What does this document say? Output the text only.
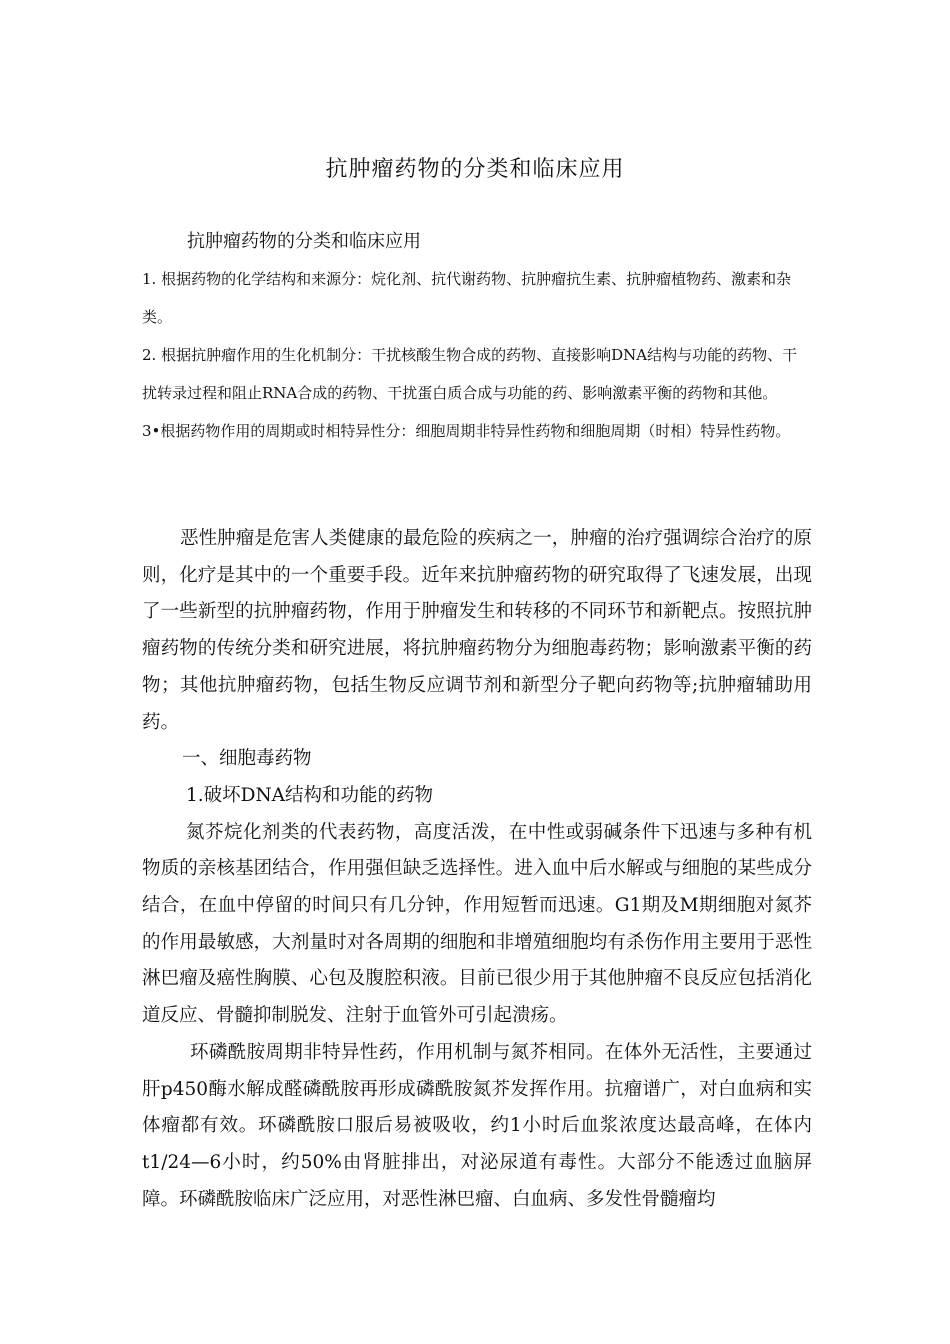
抗肿瘤药物的分类和临床应用
抗肿瘤药物的分类和临床应用

1. 根据药物的化学结构和来源分：烷化剂、抗代谢药物、抗肿瘤抗生素、抗肿瘤植物药、激素和杂类。

2. 根据抗肿瘤作用的生化机制分：干扰核酸生物合成的药物、直接影响DNA结构与功能的药物、干扰转录过程和阻止RNA合成的药物、干扰蛋白质合成与功能的药、影响激素平衡的药物和其他。

3•根据药物作用的周期或时相特异性分：细胞周期非特异性药物和细胞周期（时相）特异性药物。

恶性肿瘤是危害人类健康的最危险的疾病之一，肿瘤的治疗强调综合治疗的原则，化疗是其中的一个重要手段。近年来抗肿瘤药物的研究取得了飞速发展，出现了一些新型的抗肿瘤药物，作用于肿瘤发生和转移的不同环节和新靶点。按照抗肿瘤药物的传统分类和研究进展，将抗肿瘤药物分为细胞毒药物；影响激素平衡的药物；其他抗肿瘤药物，包括生物反应调节剂和新型分子靶向药物等;抗肿瘤辅助用药。

一、细胞毒药物

1.破坏DNA结构和功能的药物

氮芥烷化剂类的代表药物，高度活泼，在中性或弱碱条件下迅速与多种有机物质的亲核基团结合，作用强但缺乏选择性。进入血中后水解或与细胞的某些成分结合，在血中停留的时间只有几分钟，作用短暂而迅速。G1期及M期细胞对氮芥的作用最敏感，大剂量时对各周期的细胞和非增殖细胞均有杀伤作用主要用于恶性淋巴瘤及癌性胸膜、心包及腹腔积液。目前已很少用于其他肿瘤不良反应包括消化道反应、骨髓抑制脱发、注射于血管外可引起溃疡。

环磷酰胺周期非特异性药，作用机制与氮芥相同。在体外无活性，主要通过肝p450酶水解成醛磷酰胺再形成磷酰胺氮芥发挥作用。抗瘤谱广，对白血病和实体瘤都有效。环磷酰胺口服后易被吸收，约1小时后血浆浓度达最高峰，在体内t1/24—6小时，约50%由肾脏排出，对泌尿道有毒性。大部分不能透过血脑屏障。环磷酰胺临床广泛应用，对恶性淋巴瘤、白血病、多发性骨髓瘤均
